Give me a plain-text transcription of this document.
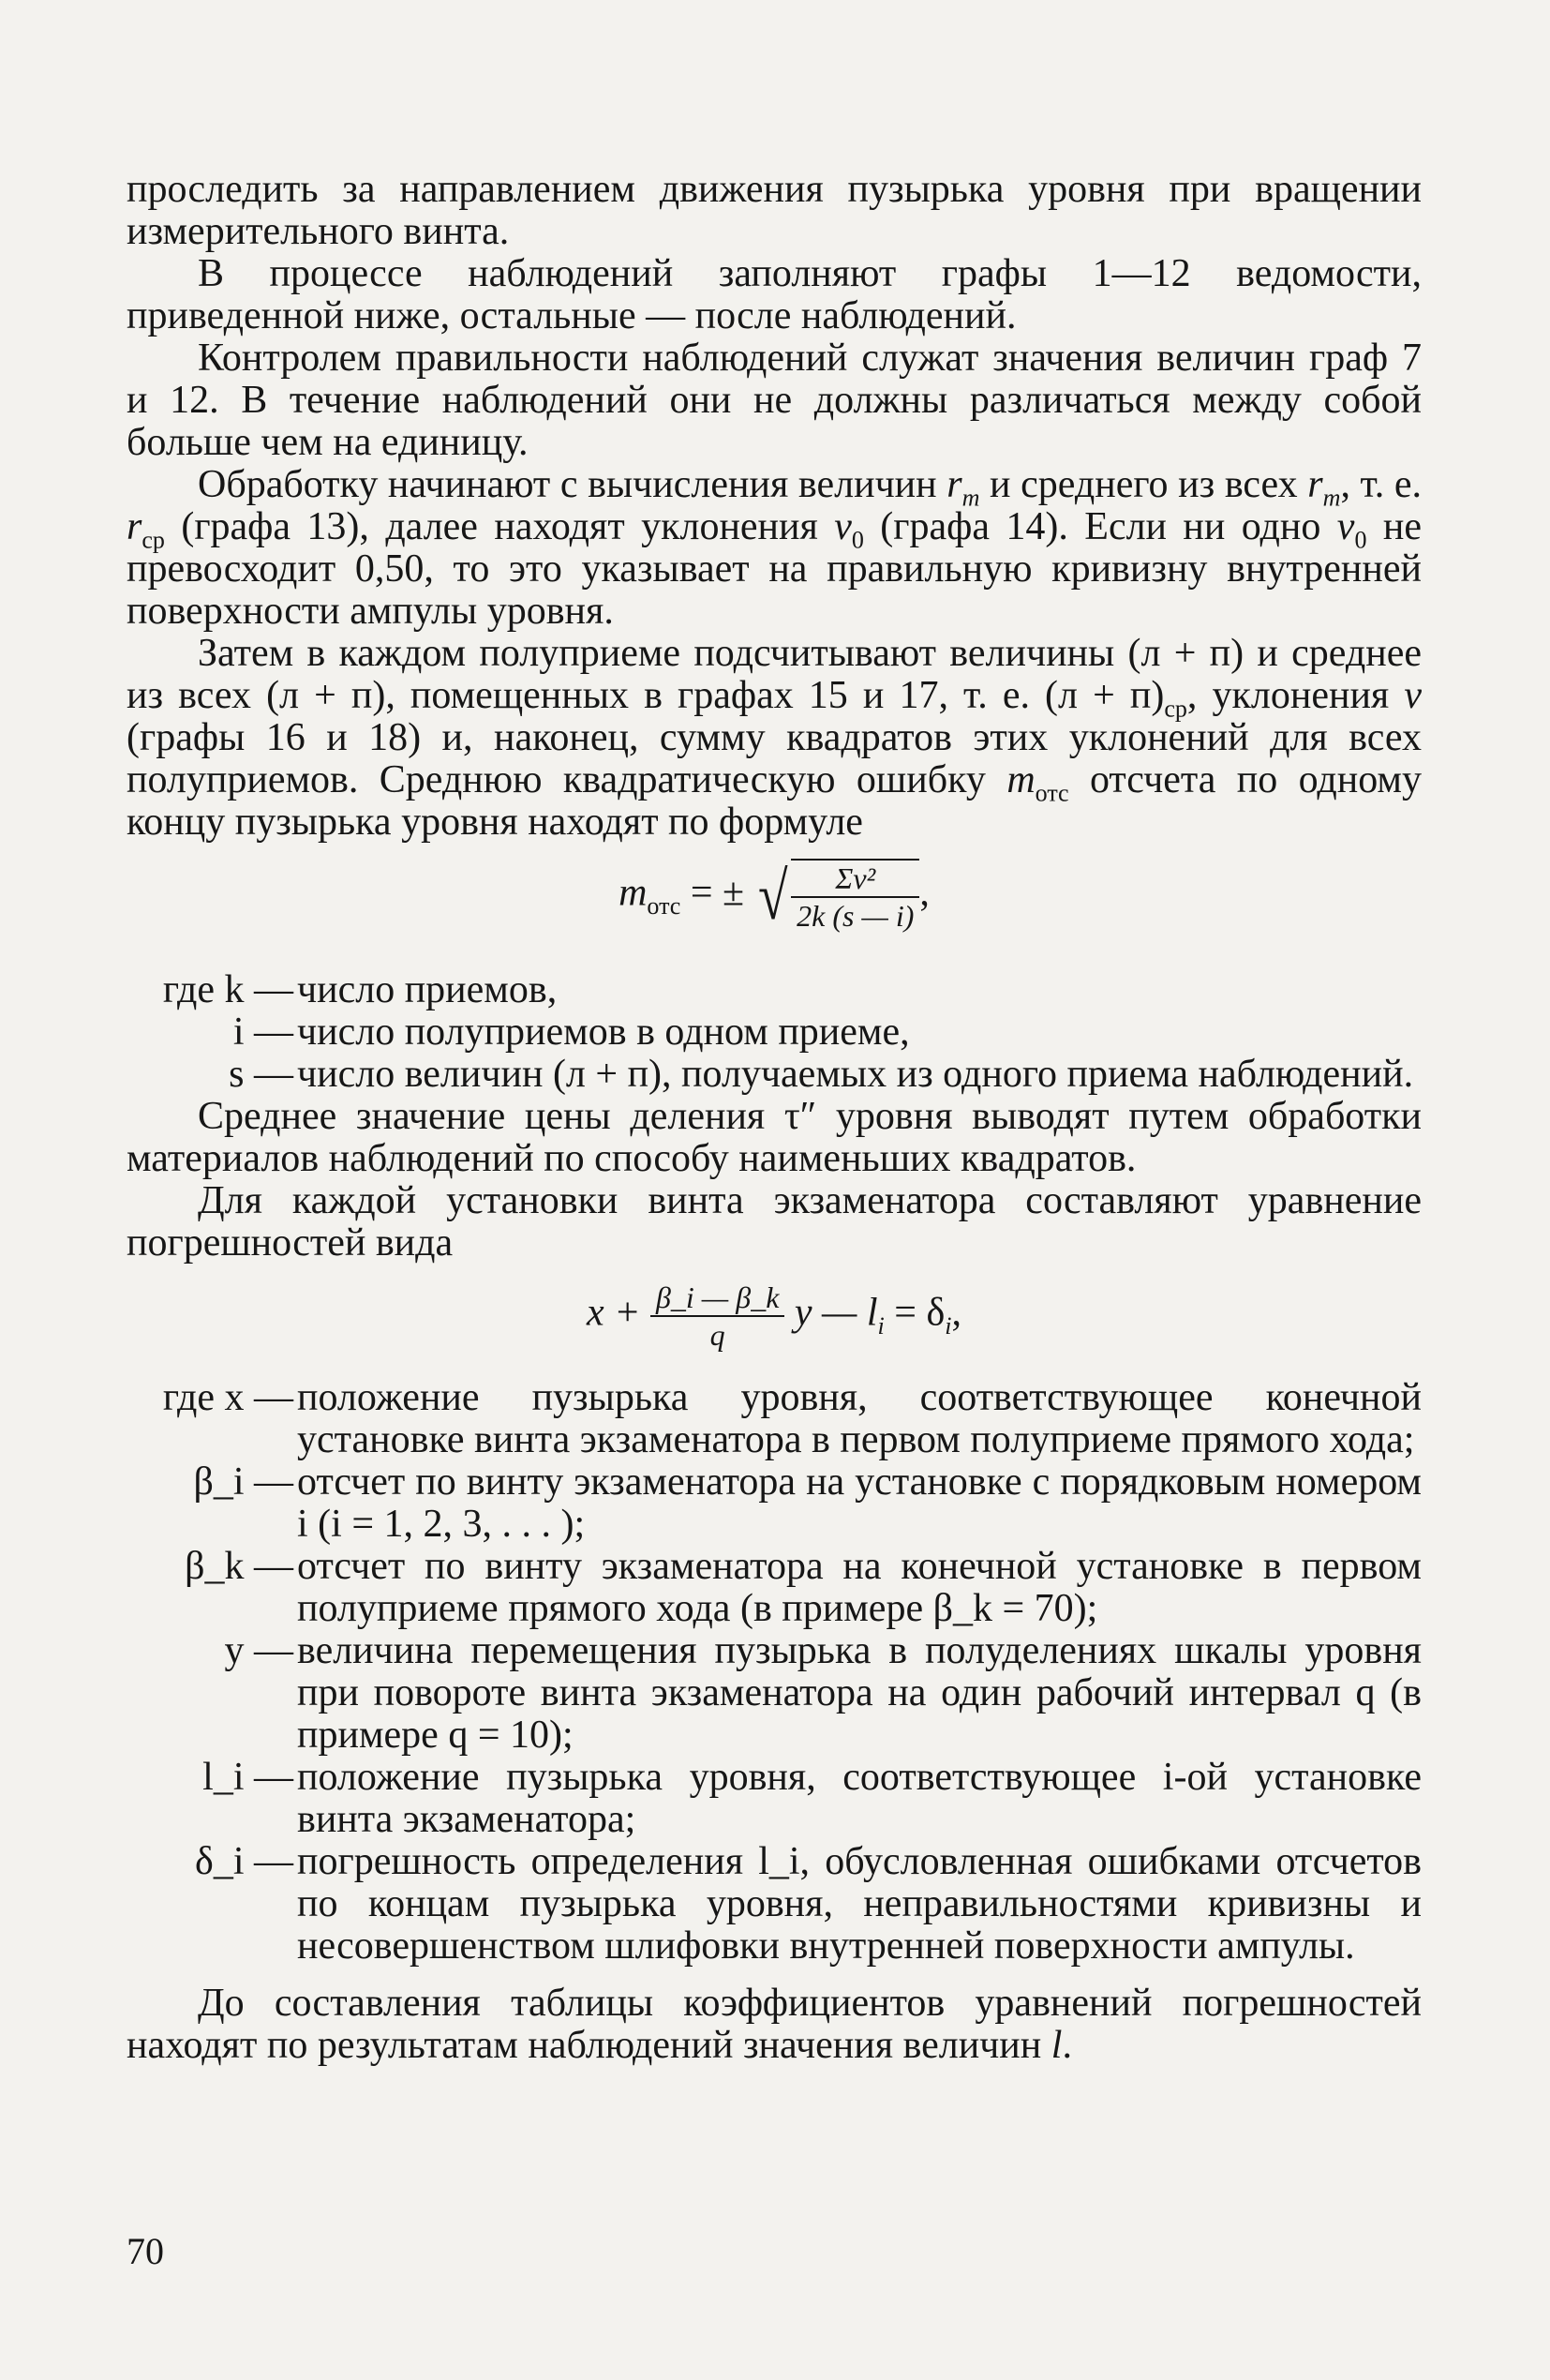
проследить за направлением движения пузырька уровня при вращении измерительного винта.

В процессе наблюдений заполняют графы 1—12 ведомости, приведенной ниже, остальные — после наблюдений.

Контролем правильности наблюдений служат значения величин граф 7 и 12. В течение наблюдений они не должны различаться между собой больше чем на единицу.

Обработку начинают с вычисления величин $r_m$ и среднего из всех $r_m$, т. е. $r_{ср}$ (графа 13), далее находят уклонения $v_0$ (графа 14). Если ни одно $v_0$ не превосходит 0,50, то это указывает на правильную кривизну внутренней поверхности ампулы уровня.

Затем в каждом полуприеме подсчитывают величины (л + п) и среднее из всех (л + п), помещенных в графах 15 и 17, т. е. $(л + п)_{ср}$, уклонения v (графы 16 и 18) и, наконец, сумму квадратов этих уклонений для всех полуприемов. Среднюю квадратическую ошибку $m_{отс}$ отсчета по одному концу пузырька уровня находят по формуле

$m_{отс}$ = ± √ $\frac{\text{Σv²}}{2k (s — i)}$ ,
где k — число приемов,
i — число полуприемов в одном приеме,
s — число величин (л + п), получаемых из одного приема наблюдений.

Среднее значение цены деления τ″ уровня выводят путем обработки материалов наблюдений по способу наименьших квадратов.

Для каждой установки винта экзаменатора составляют уравнение погрешностей вида

$x + \frac{\beta\_i — \beta\_k}{q}$ y — $l_i = \delta_i$,
где x — положение пузырька уровня, соответствующее конечной установке винта экзаменатора в первом полуприеме прямого хода;
β_i — отсчет по винту экзаменатора на установке с порядковым номером i (i = 1, 2, 3, . . . );
β_k — отсчет по винту экзаменатора на конечной установке в первом полуприеме прямого хода (в примере β_k = 70);
y — величина перемещения пузырька в полуделениях шкалы уровня при повороте винта экзаменатора на один рабочий интервал q (в примере q = 10);
l_i — положение пузырька уровня, соответствующее i-ой установке винта экзаменатора;
δ_i — погрешность определения l_i, обусловленная ошибками отсчетов по концам пузырька уровня, неправильностями кривизны и несовершенством шлифовки внутренней поверхности ампулы.

До составления таблицы коэффициентов уравнений погрешностей находят по результатам наблюдений значения величин l.

70
